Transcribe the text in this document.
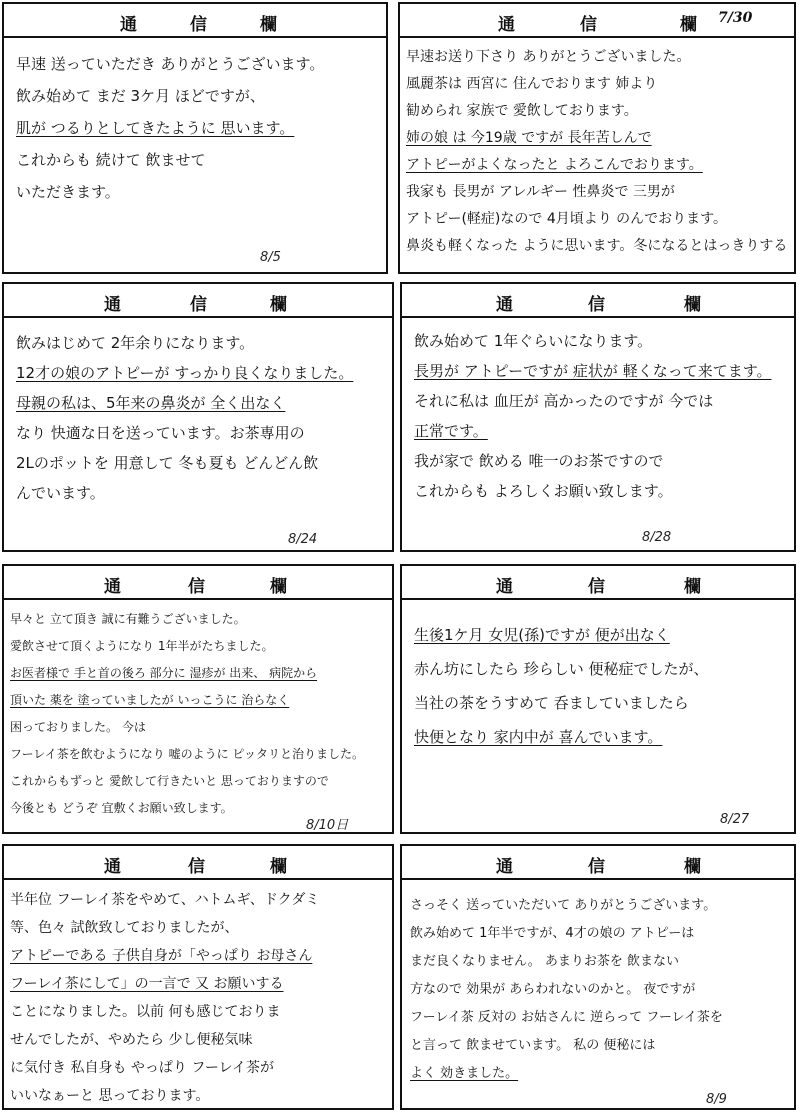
通	信	欄
早速 送っていただき ありがとうございます。
飲み始めて まだ 3ケ月 ほどですが、
肌が つるりとしてきたように 思います。
これからも 続けて 飲ませて
いただきます。
8/5
通	信	欄 7/30
早速お送り下さり ありがとうございました。
風麗茶は 西宮に 住んでおります 姉より
勧められ 家族で 愛飲しております。
姉の娘 は 今19歳 ですが 長年苦しんで
アトピーがよくなったと よろこんでおります。
我家も 長男が アレルギー 性鼻炎で 三男が
アトピー(軽症)なので 4月頃より のんでおります。
鼻炎も軽くなった ように思います。冬になるとはっきりする
通	信	欄
飲みはじめて 2年余りになります。
12才の娘のアトピーが すっかり良くなりました。
母親の私は、5年来の鼻炎が 全く出なく
なり 快適な日を送っています。お茶専用の
2Lのポットを 用意して 冬も夏も どんどん飲
んでいます。
8/24
通	信	欄
飲み始めて 1年ぐらいになります。
長男が アトピーですが 症状が 軽くなって来てます。
それに私は 血圧が 高かったのですが 今では
正常です。
我が家で 飲める 唯一のお茶ですので
これからも よろしくお願い致します。
8/28
通	信	欄
早々と 立て頂き 誠に有難うございました。
愛飲させて頂くようになり 1年半がたちました。
お医者様で 手と首の後ろ 部分に 湿疹が 出来、 病院から
頂いた 薬を 塗っていましたが いっこうに 治らなく
困っておりました。 今は
フーレイ茶を飲むようになり 嘘のように ピッタリと治りました。
これからもずっと 愛飲して行きたいと 思っておりますので
今後とも どうぞ 宜敷くお願い致します。
8/10日
通	信	欄
生後1ケ月 女児(孫)ですが 便が出なく
赤ん坊にしたら 珍らしい 便秘症でしたが、
当社の茶をうすめて 呑ましていましたら
快便となり 家内中が 喜んでいます。
8/27
通	信	欄
半年位 フーレイ茶をやめて、ハトムギ、ドクダミ
等、色々 試飲致しておりましたが、
アトピーである 子供自身が「やっぱり お母さん
フーレイ茶にして」の一言で 又 お願いする
ことになりました。以前 何も感じておりま
せんでしたが、やめたら 少し便秘気味
に気付き 私自身も やっぱり フーレイ茶が
いいなぁーと 思っております。
通	信	欄
さっそく 送っていただいて ありがとうございます。
飲み始めて 1年半ですが、4才の娘の アトピーは
まだ良くなりません。 あまりお茶を 飲まない
方なので 効果が あらわれないのかと。 夜ですが
フーレイ茶 反対の お姑さんに 逆らって フーレイ茶を
と言って 飲ませています。 私の 便秘には
よく 効きました。
8/9
